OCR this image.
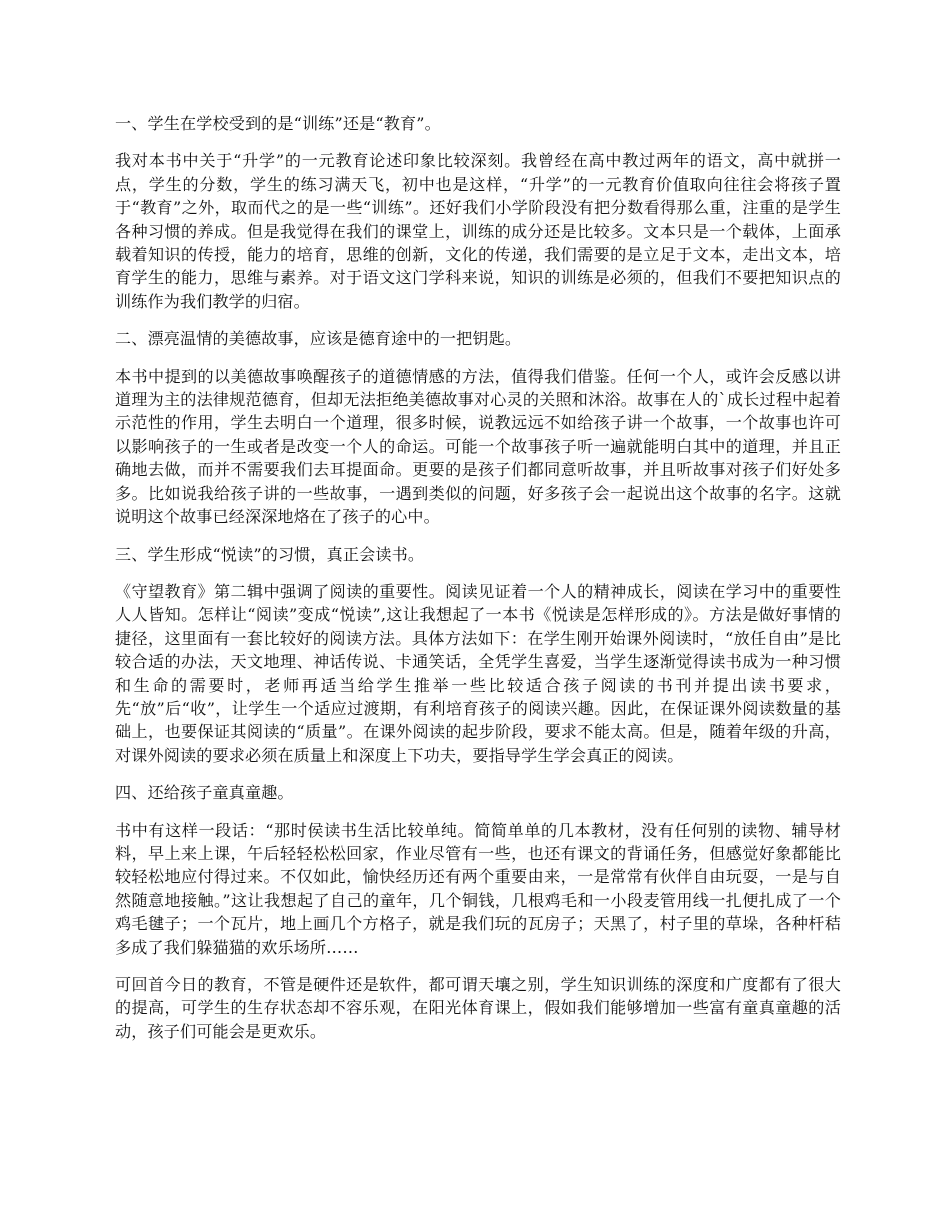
一、学生在学校受到的是“训练”还是“教育”。
我对本书中关于“升学”的一元教育论述印象比较深刻。我曾经在高中教过两年的语文，高中就拼一点，学生的分数，学生的练习满天飞，初中也是这样，“升学”的一元教育价值取向往往会将孩子置于“教育”之外，取而代之的是一些“训练”。还好我们小学阶段没有把分数看得那么重，注重的是学生各种习惯的养成。但是我觉得在我们的课堂上，训练的成分还是比较多。文本只是一个载体，上面承载着知识的传授，能力的培育，思维的创新，文化的传递，我们需要的是立足于文本，走出文本，培育学生的能力，思维与素养。对于语文这门学科来说，知识的训练是必须的，但我们不要把知识点的训练作为我们教学的归宿。
二、漂亮温情的美德故事，应该是德育途中的一把钥匙。
本书中提到的以美德故事唤醒孩子的道德情感的方法，值得我们借鉴。任何一个人，或许会反感以讲道理为主的法律规范德育，但却无法拒绝美德故事对心灵的关照和沐浴。故事在人的`成长过程中起着示范性的作用，学生去明白一个道理，很多时候，说教远远不如给孩子讲一个故事，一个故事也许可以影响孩子的一生或者是改变一个人的命运。可能一个故事孩子听一遍就能明白其中的道理，并且正确地去做，而并不需要我们去耳提面命。更要的是孩子们都同意听故事，并且听故事对孩子们好处多多。比如说我给孩子讲的一些故事，一遇到类似的问题，好多孩子会一起说出这个故事的名字。这就说明这个故事已经深深地烙在了孩子的心中。
三、学生形成“悦读”的习惯，真正会读书。
《守望教育》第二辑中强调了阅读的重要性。阅读见证着一个人的精神成长，阅读在学习中的重要性人人皆知。怎样让“阅读”变成“悦读”,这让我想起了一本书《悦读是怎样形成的》。方法是做好事情的捷径，这里面有一套比较好的阅读方法。具体方法如下：在学生刚开始课外阅读时，“放任自由”是比较合适的办法，天文地理、神话传说、卡通笑话，全凭学生喜爱，当学生逐渐觉得读书成为一种习惯和生命的需要时，老师再适当给学生推举一些比较适合孩子阅读的书刊并提出读书要求，先“放”后“收”，让学生一个适应过渡期，有利培育孩子的阅读兴趣。因此，在保证课外阅读数量的基础上，也要保证其阅读的“质量”。在课外阅读的起步阶段，要求不能太高。但是，随着年级的升高，对课外阅读的要求必须在质量上和深度上下功夫，要指导学生学会真正的阅读。
四、还给孩子童真童趣。
书中有这样一段话：“那时侯读书生活比较单纯。简简单单的几本教材，没有任何别的读物、辅导材料，早上来上课，午后轻轻松松回家，作业尽管有一些，也还有课文的背诵任务，但感觉好象都能比较轻松地应付得过来。不仅如此，愉快经历还有两个重要由来，一是常常有伙伴自由玩耍，一是与自然随意地接触。”这让我想起了自己的童年，几个铜钱，几根鸡毛和一小段麦管用线一扎便扎成了一个鸡毛毽子；一个瓦片，地上画几个方格子，就是我们玩的瓦房子；天黑了，村子里的草垛，各种杆秸多成了我们躲猫猫的欢乐场所……
可回首今日的教育，不管是硬件还是软件，都可谓天壤之别，学生知识训练的深度和广度都有了很大的提高，可学生的生存状态却不容乐观，在阳光体育课上，假如我们能够增加一些富有童真童趣的活动，孩子们可能会是更欢乐。
